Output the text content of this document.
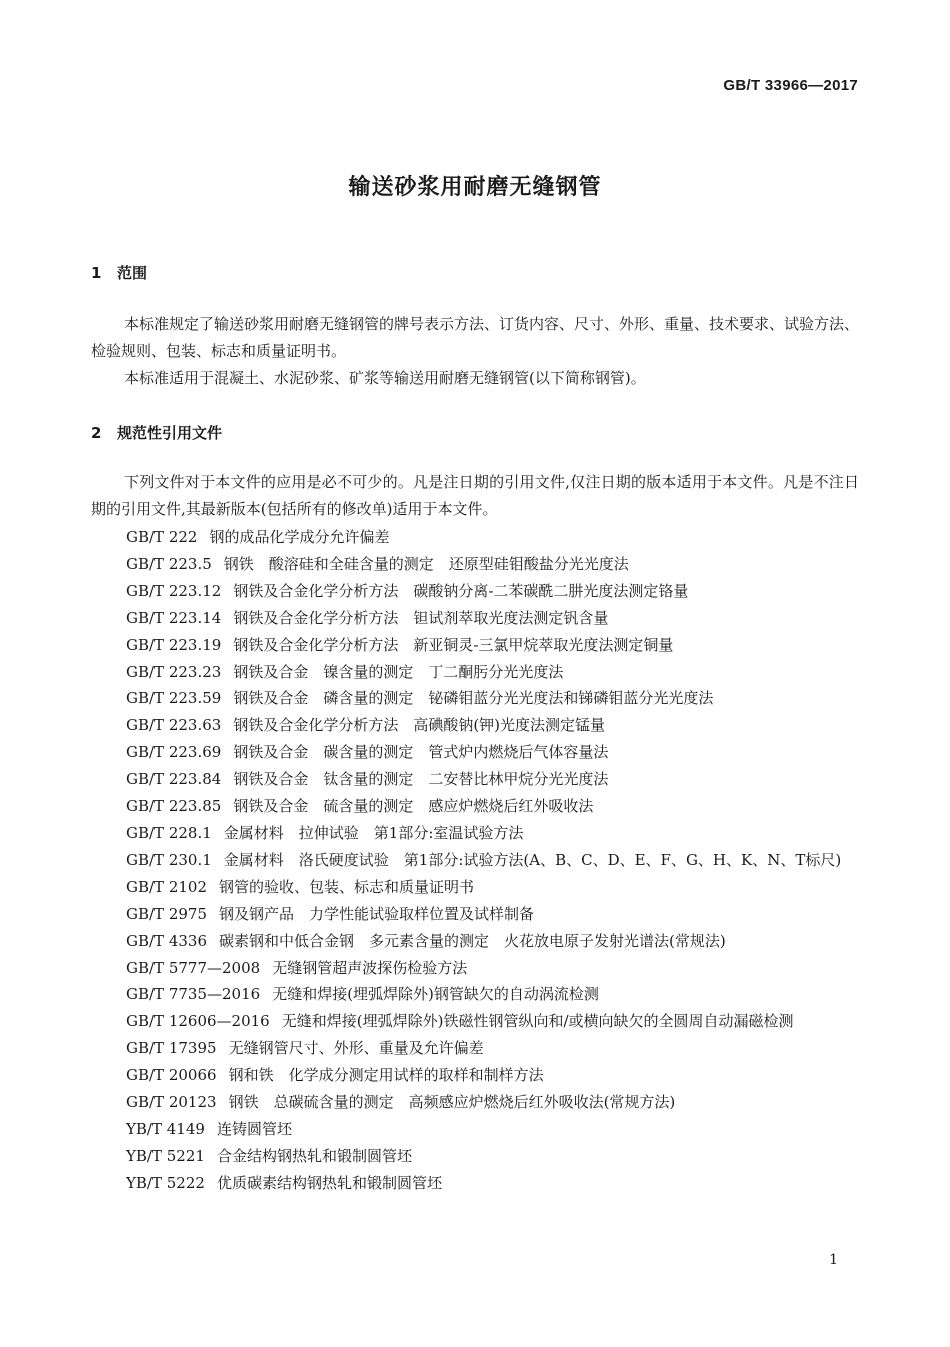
GB/T 33966—2017
输送砂浆用耐磨无缝钢管
1 范围

本标准规定了输送砂浆用耐磨无缝钢管的牌号表示方法、订货内容、尺寸、外形、重量、技术要求、试验方法、检验规则、包装、标志和质量证明书。

本标准适用于混凝土、水泥砂浆、矿浆等输送用耐磨无缝钢管(以下简称钢管)。

2 规范性引用文件

下列文件对于本文件的应用是必不可少的。凡是注日期的引用文件,仅注日期的版本适用于本文件。凡是不注日期的引用文件,其最新版本(包括所有的修改单)适用于本文件。

GB/T 222 钢的成品化学成分允许偏差
GB/T 223.5 钢铁　酸溶硅和全硅含量的测定　还原型硅钼酸盐分光光度法
GB/T 223.12 钢铁及合金化学分析方法　碳酸钠分离-二苯碳酰二肼光度法测定铬量
GB/T 223.14 钢铁及合金化学分析方法　钽试剂萃取光度法测定钒含量
GB/T 223.19 钢铁及合金化学分析方法　新亚铜灵-三氯甲烷萃取光度法测定铜量
GB/T 223.23 钢铁及合金　镍含量的测定　丁二酮肟分光光度法
GB/T 223.59 钢铁及合金　磷含量的测定　铋磷钼蓝分光光度法和锑磷钼蓝分光光度法
GB/T 223.63 钢铁及合金化学分析方法　高碘酸钠(钾)光度法测定锰量
GB/T 223.69 钢铁及合金　碳含量的测定　管式炉内燃烧后气体容量法
GB/T 223.84 钢铁及合金　钛含量的测定　二安替比林甲烷分光光度法
GB/T 223.85 钢铁及合金　硫含量的测定　感应炉燃烧后红外吸收法
GB/T 228.1 金属材料　拉伸试验　第1部分:室温试验方法
GB/T 230.1 金属材料　洛氏硬度试验　第1部分:试验方法(A、B、C、D、E、F、G、H、K、N、T标尺)
GB/T 2102 钢管的验收、包装、标志和质量证明书
GB/T 2975 钢及钢产品　力学性能试验取样位置及试样制备
GB/T 4336 碳素钢和中低合金钢　多元素含量的测定　火花放电原子发射光谱法(常规法)
GB/T 5777—2008 无缝钢管超声波探伤检验方法
GB/T 7735—2016 无缝和焊接(埋弧焊除外)钢管缺欠的自动涡流检测
GB/T 12606—2016 无缝和焊接(埋弧焊除外)铁磁性钢管纵向和/或横向缺欠的全圆周自动漏磁检测
GB/T 17395 无缝钢管尺寸、外形、重量及允许偏差
GB/T 20066 钢和铁　化学成分测定用试样的取样和制样方法
GB/T 20123 钢铁　总碳硫含量的测定　高频感应炉燃烧后红外吸收法(常规方法)
YB/T 4149 连铸圆管坯
YB/T 5221 合金结构钢热轧和锻制圆管坯
YB/T 5222 优质碳素结构钢热轧和锻制圆管坯
1
